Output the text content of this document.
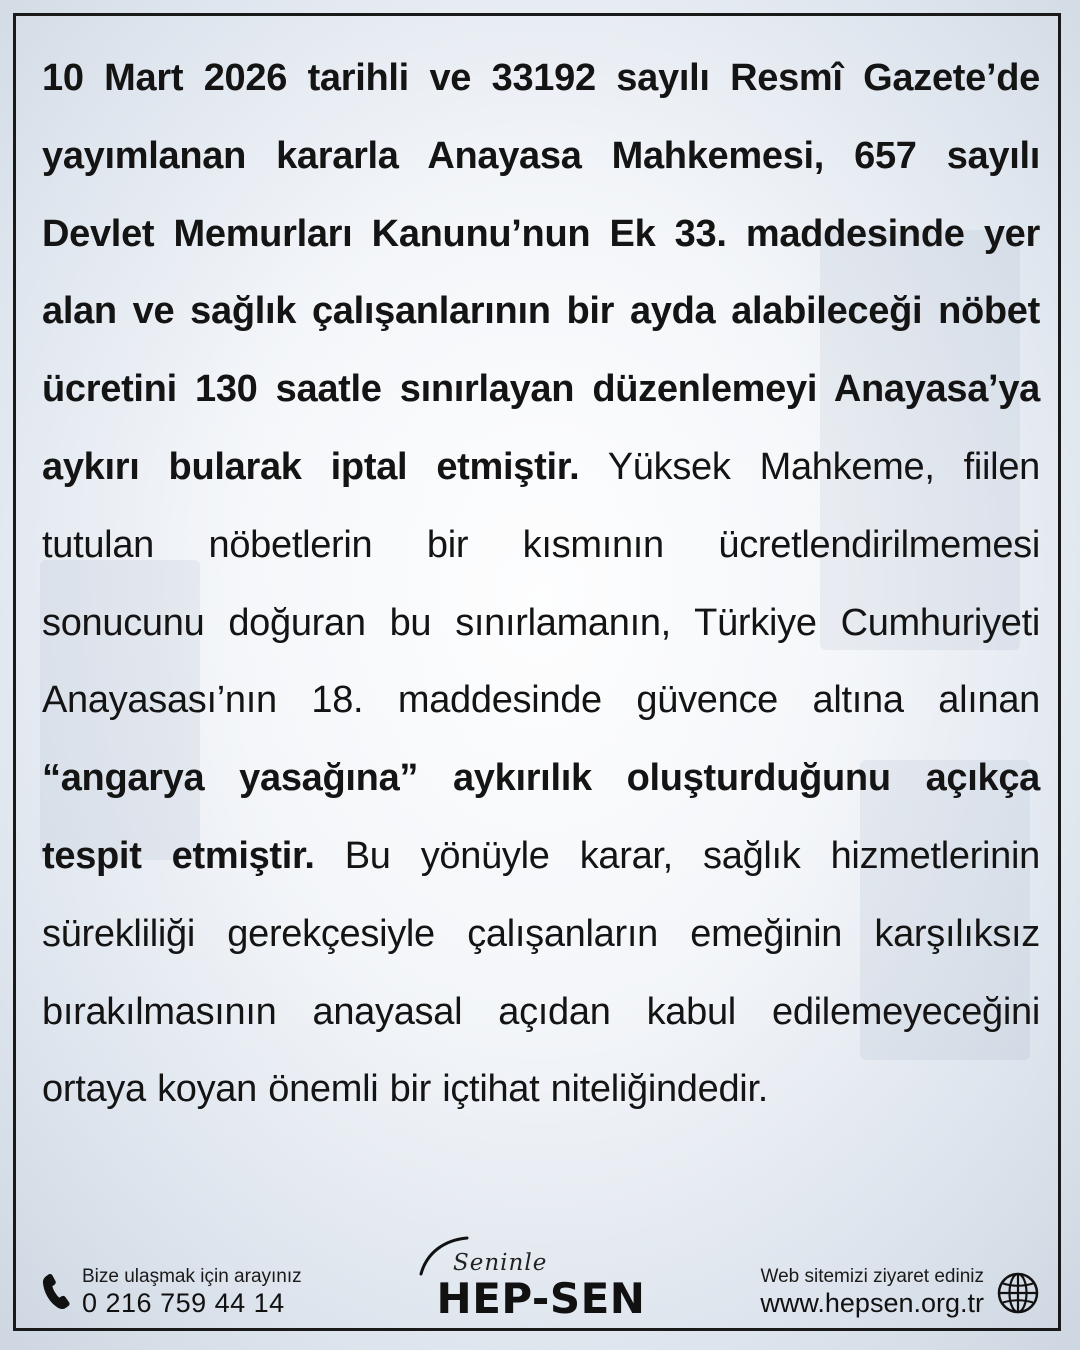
10 Mart 2026 tarihli ve 33192 sayılı Resmî Gazete’de yayımlanan kararla Anayasa Mahkemesi, 657 sayılı Devlet Memurları Kanunu’nun Ek 33. maddesinde yer alan ve sağlık çalışanlarının bir ayda alabileceği nöbet ücretini 130 saatle sınırlayan düzenlemeyi Anayasa’ya aykırı bularak iptal etmiştir. Yüksek Mahkeme, fiilen tutulan nöbetlerin bir kısmının ücretlendirilmemesi sonucunu doğuran bu sınırlamanın, Türkiye Cumhuriyeti Anayasası’nın 18. maddesinde güvence altına alınan “angarya yasağına” aykırılık oluşturduğunu açıkça tespit etmiştir. Bu yönüyle karar, sağlık hizmetlerinin sürekliliği gerekçesiyle çalışanların emeğinin karşılıksız bırakılmasının anayasal açıdan kabul edilemeyeceğini ortaya koyan önemli bir içtihat niteliğindedir.
Bize ulaşmak için arayınız
0 216 759 44 14
Seninle
HEP-SEN	Web sitemizi ziyaret ediniz
www.hepsen.org.tr
